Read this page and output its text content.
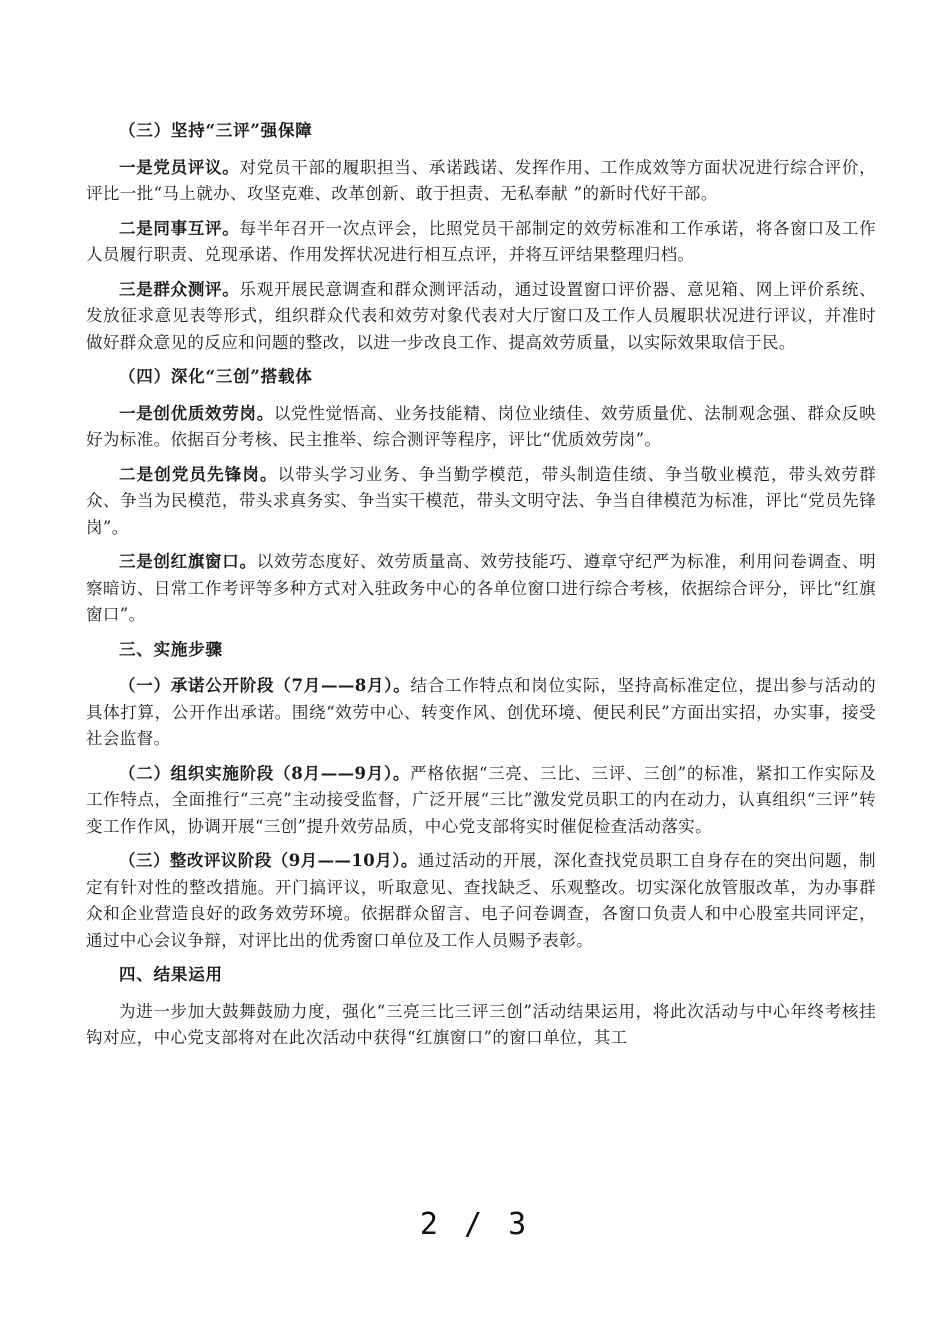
（三）坚持“三评”强保障

一是党员评议。对党员干部的履职担当、承诺践诺、发挥作用、工作成效等方面状况进行综合评价，评比一批“马上就办、攻坚克难、改革创新、敢于担责、无私奉献 ”的新时代好干部。

二是同事互评。每半年召开一次点评会，比照党员干部制定的效劳标准和工作承诺，将各窗口及工作人员履行职责、兑现承诺、作用发挥状况进行相互点评，并将互评结果整理归档。

三是群众测评。乐观开展民意调查和群众测评活动，通过设置窗口评价器、意见箱、网上评价系统、发放征求意见表等形式，组织群众代表和效劳对象代表对大厅窗口及工作人员履职状况进行评议，并准时做好群众意见的反应和问题的整改，以进一步改良工作、提高效劳质量，以实际效果取信于民。

（四）深化“三创”搭载体

一是创优质效劳岗。以党性觉悟高、业务技能精、岗位业绩佳、效劳质量优、法制观念强、群众反映好为标准。依据百分考核、民主推举、综合测评等程序，评比“优质效劳岗”。

二是创党员先锋岗。以带头学习业务、争当勤学模范，带头制造佳绩、争当敬业模范，带头效劳群众、争当为民模范，带头求真务实、争当实干模范，带头文明守法、争当自律模范为标准，评比“党员先锋岗”。

三是创红旗窗口。以效劳态度好、效劳质量高、效劳技能巧、遵章守纪严为标准，利用问卷调查、明察暗访、日常工作考评等多种方式对入驻政务中心的各单位窗口进行综合考核，依据综合评分，评比“红旗窗口”。

三、实施步骤

（一）承诺公开阶段（7月——8月）。结合工作特点和岗位实际，坚持高标准定位，提出参与活动的具体打算，公开作出承诺。围绕“效劳中心、转变作风、创优环境、便民利民”方面出实招，办实事，接受社会监督。

（二）组织实施阶段（8月——9月）。严格依据“三亮、三比、三评、三创”的标准，紧扣工作实际及工作特点，全面推行“三亮”主动接受监督，广泛开展“三比”激发党员职工的内在动力，认真组织“三评”转变工作作风，协调开展“三创”提升效劳品质，中心党支部将实时催促检查活动落实。

（三）整改评议阶段（9月——10月）。通过活动的开展，深化查找党员职工自身存在的突出问题，制定有针对性的整改措施。开门搞评议，听取意见、查找缺乏、乐观整改。切实深化放管服改革，为办事群众和企业营造良好的政务效劳环境。依据群众留言、电子问卷调查，各窗口负责人和中心股室共同评定，通过中心会议争辩，对评比出的优秀窗口单位及工作人员赐予表彰。

四、结果运用

为进一步加大鼓舞鼓励力度，强化“三亮三比三评三创”活动结果运用，将此次活动与中心年终考核挂钩对应，中心党支部将对在此次活动中获得“红旗窗口”的窗口单位，其工

2 / 3
